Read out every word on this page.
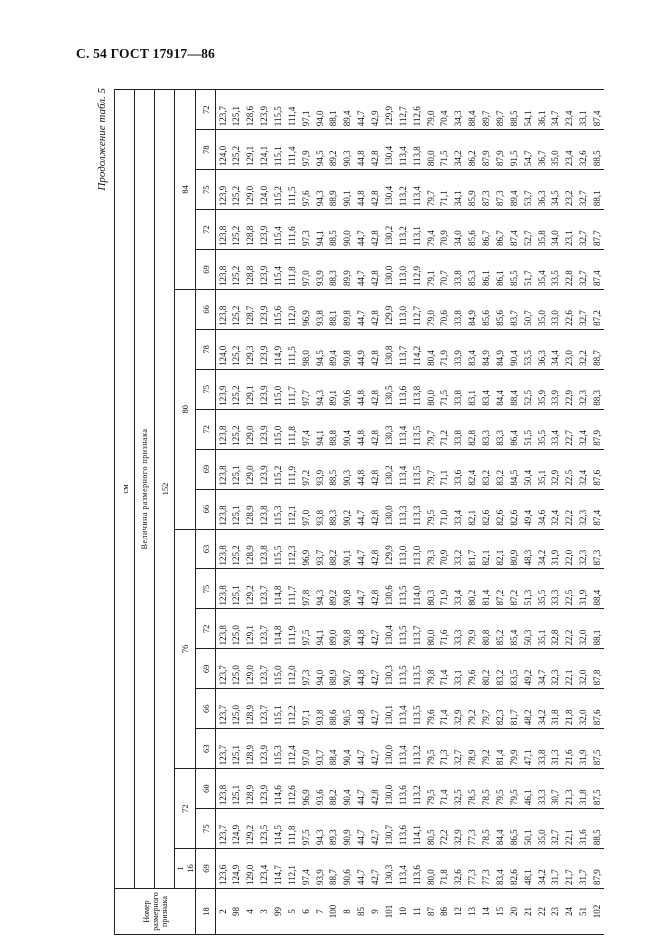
С. 54 ГОСТ 17917—86
Продолжение табл. 5
Номер размерного признака	см																				
	Величина размерного признака																				
	152																				
	1 16	72		76						80						84	
18	69	75	60	63	66	69	72	75	63	66	69	72	75	78	66	69	72	75	78	72	
2	123,6	123,7	123,8	123,7	123,7	123,7	123,8	123,8	123,8	123,8	123,8	123,8	123,9	124,0	123,8	123,8	123,8	123,9	124,0	123,7	
98	124,9	124,9	125,1	125,1	125,0	125,0	125,0	125,1	125,2	125,1	125,1	125,2	125,2	125,2	125,2	125,2	125,2	125,2	125,2	125,1	
4	129,0	129,2	128,9	128,9	128,9	129,0	129,1	129,2	128,9	128,9	129,0	129,0	129,1	129,3	128,7	128,8	128,8	129,0	129,1	128,6	
3	123,4	123,5	123,9	123,9	123,7	123,7	123,7	123,7	123,8	123,8	123,9	123,9	123,9	123,9	123,9	123,9	123,9	124,0	124,1	123,9	
99	114,7	114,5	114,6	115,3	115,1	115,0	114,8	114,8	115,5	115,3	115,2	115,0	115,0	114,9	115,6	115,4	115,4	115,2	115,1	115,5	
5	112,1	111,8	112,6	112,4	112,2	112,0	111,9	111,7	112,3	112,1	111,9	111,8	111,7	111,5	112,0	111,8	111,6	111,5	111,4	111,4	
6	97,4	97,5	96,9	97,0	97,1	97,3	97,5	97,8	96,9	97,0	97,2	97,4	97,7	98,0	96,9	97,0	97,3	97,6	97,9	97,1	
7	93,9	94,3	93,6	93,7	93,8	94,0	94,1	94,3	93,7	93,8	93,9	94,1	94,3	94,5	93,8	93,9	94,1	94,3	94,5	94,0	
100	88,7	89,3	88,2	88,4	88,6	88,9	89,0	89,2	88,2	88,3	88,5	88,8	89,1	89,4	88,1	88,3	88,5	88,9	89,2	88,1	
8	90,6	90,9	90,4	90,4	90,5	90,7	90,8	90,8	90,1	90,2	90,3	90,4	90,6	90,8	89,8	89,9	90,0	90,1	90,3	89,4	
85	44,7	44,7	44,7	44,7	44,8	44,8	44,8	44,7	44,7	44,7	44,8	44,8	44,8	44,9	44,7	44,7	44,7	44,8	44,8	44,7	
9	42,7	42,7	42,8	42,7	42,7	42,7	42,7	42,8	42,8	42,8	42,8	42,8	42,8	42,8	42,8	42,8	42,8	42,8	42,8	42,9	
101	130,3	130,7	130,0	130,0	130,1	130,3	130,4	130,6	129,9	130,0	130,2	130,3	130,5	130,8	129,9	130,0	130,2	130,4	130,4	129,9	
10	113,4	113,6	113,6	113,4	113,4	113,5	113,5	113,5	113,0	113,3	113,4	113,4	113,6	113,7	113,0	113,0	113,2	113,2	113,4	112,7	
11	113,6	114,1	113,2	113,2	113,5	113,5	113,7	114,0	113,0	113,3	113,5	113,5	113,8	114,2	112,7	112,9	113,1	113,4	113,8	112,6	
87	80,0	80,5	79,5	79,5	79,6	79,8	80,0	80,3	79,3	79,5	79,7	79,7	80,0	80,4	79,0	79,1	79,4	79,7	80,0	79,0	
86	71,8	72,2	71,4	71,3	71,4	71,4	71,6	71,9	70,9	71,0	71,1	71,2	71,5	71,9	70,6	70,7	70,9	71,1	71,5	70,4	
12	32,6	32,9	32,5	32,7	32,9	33,1	33,3	33,4	33,2	33,4	33,6	33,8	33,8	33,9	33,8	33,8	34,0	34,1	34,2	34,3	
13	77,3	77,3	78,5	78,9	79,2	79,6	79,9	80,2	81,7	82,1	82,4	82,8	83,1	83,4	84,9	85,3	85,6	85,9	86,2	88,4	
14	77,3	78,5	78,5	79,2	79,7	80,2	80,8	81,4	82,1	82,6	83,2	83,3	83,4	84,9	85,6	86,1	86,7	87,3	87,9	89,7	
15	83,4	84,4	79,5	81,4	82,3	83,2	85,2	87,2	82,1	82,6	83,2	83,3	84,4	84,9	85,6	86,1	86,7	87,3	87,9	89,7	
20	82,6	86,5	79,5	79,9	81,7	83,5	85,4	87,2	80,9	82,6	84,5	86,4	88,4	90,4	83,7	85,5	87,4	89,4	91,5	88,5	
21	48,1	50,1	46,1	47,1	48,2	49,2	50,3	51,3	48,3	49,4	50,4	51,5	52,5	53,5	50,7	51,7	52,7	53,7	54,7	54,1	
22	34,2	35,0	33,3	33,8	34,2	34,7	35,1	35,5	34,2	34,6	35,1	35,5	35,9	36,3	35,0	35,4	35,8	36,3	36,7	36,1	
23	31,7	32,7	30,7	31,3	31,8	32,3	32,8	33,3	31,9	32,4	32,9	33,4	33,9	34,4	33,0	33,5	34,0	34,5	35,0	34,7	
24	21,7	22,1	21,3	21,6	21,8	22,1	22,2	22,5	22,0	22,2	22,5	22,7	22,9	23,0	22,6	22,8	23,1	23,2	23,4	23,4	
51	31,7	31,6	31,8	31,9	32,0	32,0	32,0	31,9	32,3	32,3	32,4	32,4	32,3	32,2	32,7	32,7	32,7	32,7	32,6	33,1	
102	87,9	88,5	87,5	87,5	87,6	87,8	88,1	88,4	87,3	87,4	87,6	87,9	88,3	88,7	87,2	87,4	87,7	88,1	88,5	87,4	
